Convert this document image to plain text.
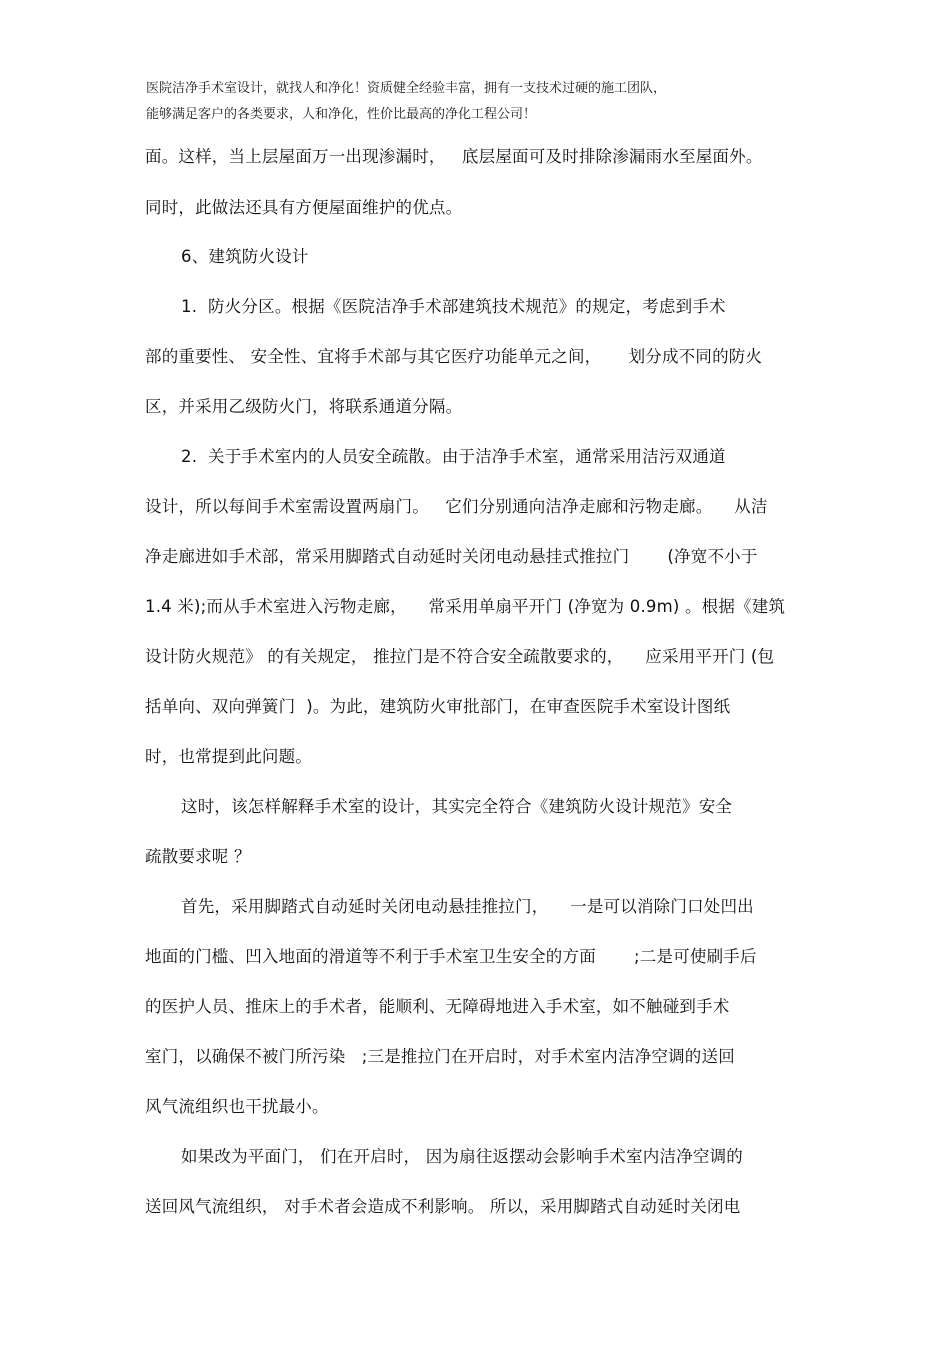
医院洁净手术室设计，就找人和净化！资质健全经验丰富，拥有一支技术过硬的施工团队，
能够满足客户的各类要求，人和净化，性价比最高的净化工程公司！
面。这样，当上层屋面万一出现渗漏时，   底层屋面可及时排除渗漏雨水至屋面外。
同时，此做法还具有方便屋面维护的优点。
6、建筑防火设计
1.  防火分区。根据《医院洁净手术部建筑技术规范》的规定，考虑到手术
部的重要性、 安全性、宜将手术部与其它医疗功能单元之间，     划分成不同的防火
区，并采用乙级防火门，将联系通道分隔。
2.  关于手术室内的人员安全疏散。由于洁净手术室，通常采用洁污双通道
设计，所以每间手术室需设置两扇门。   它们分别通向洁净走廊和污物走廊。    从洁
净走廊进如手术部，常采用脚踏式自动延时关闭电动悬挂式推拉门       (净宽不小于
1.4 米);而从手术室进入污物走廊，    常采用单扇平开门 (净宽为 0.9m) 。根据《建筑
设计防火规范》 的有关规定， 推拉门是不符合安全疏散要求的，    应采用平开门 (包
括单向、双向弹簧门  )。为此，建筑防火审批部门，在审查医院手术室设计图纸
时，也常提到此问题。
这时，该怎样解释手术室的设计，其实完全符合《建筑防火设计规范》安全
疏散要求呢 ？
首先，采用脚踏式自动延时关闭电动悬挂推拉门，    一是可以消除门口处凹出
地面的门槛、凹入地面的滑道等不利于手术室卫生安全的方面       ;二是可使刷手后
的医护人员、推床上的手术者，能顺利、无障碍地进入手术室，如不触碰到手术
室门，以确保不被门所污染   ;三是推拉门在开启时，对手术室内洁净空调的送回
风气流组织也干扰最小。
如果改为平面门， 们在开启时， 因为扇往返摆动会影响手术室内洁净空调的
送回风气流组织， 对手术者会造成不利影响。 所以，采用脚踏式自动延时关闭电
